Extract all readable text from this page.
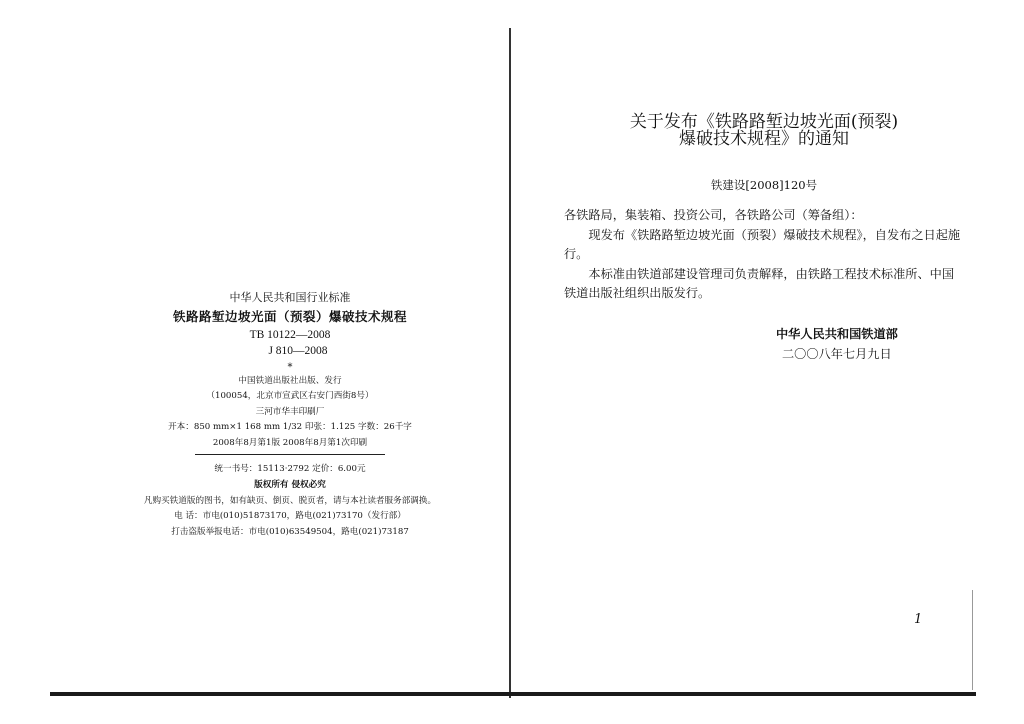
中华人民共和国行业标准
铁路路堑边坡光面（预裂）爆破技术规程
TB 10122—2008
J 810—2008
*
中国铁道出版社出版、发行
（100054，北京市宣武区右安门西街8号）
三河市华丰印刷厂
开本：850 mm×1 168 mm 1/32 印张：1.125 字数：26千字
2008年8月第1版 2008年8月第1次印刷
统一书号：15113·2792 定价：6.00元
版权所有 侵权必究
凡购买铁道版的图书，如有缺页、倒页、脱页者，请与本社读者服务部调换。
电 话：市电(010)51873170，路电(021)73170（发行部）
打击盗版举报电话：市电(010)63549504，路电(021)73187
关于发布《铁路路堑边坡光面(预裂)
爆破技术规程》的通知
铁建设[2008]120号
各铁路局，集装箱、投资公司，各铁路公司（筹备组）：
现发布《铁路路堑边坡光面（预裂）爆破技术规程》，自发布之日起施行。
本标准由铁道部建设管理司负责解释，由铁路工程技术标准所、中国铁道出版社组织出版发行。
中华人民共和国铁道部
二〇〇八年七月九日
1
